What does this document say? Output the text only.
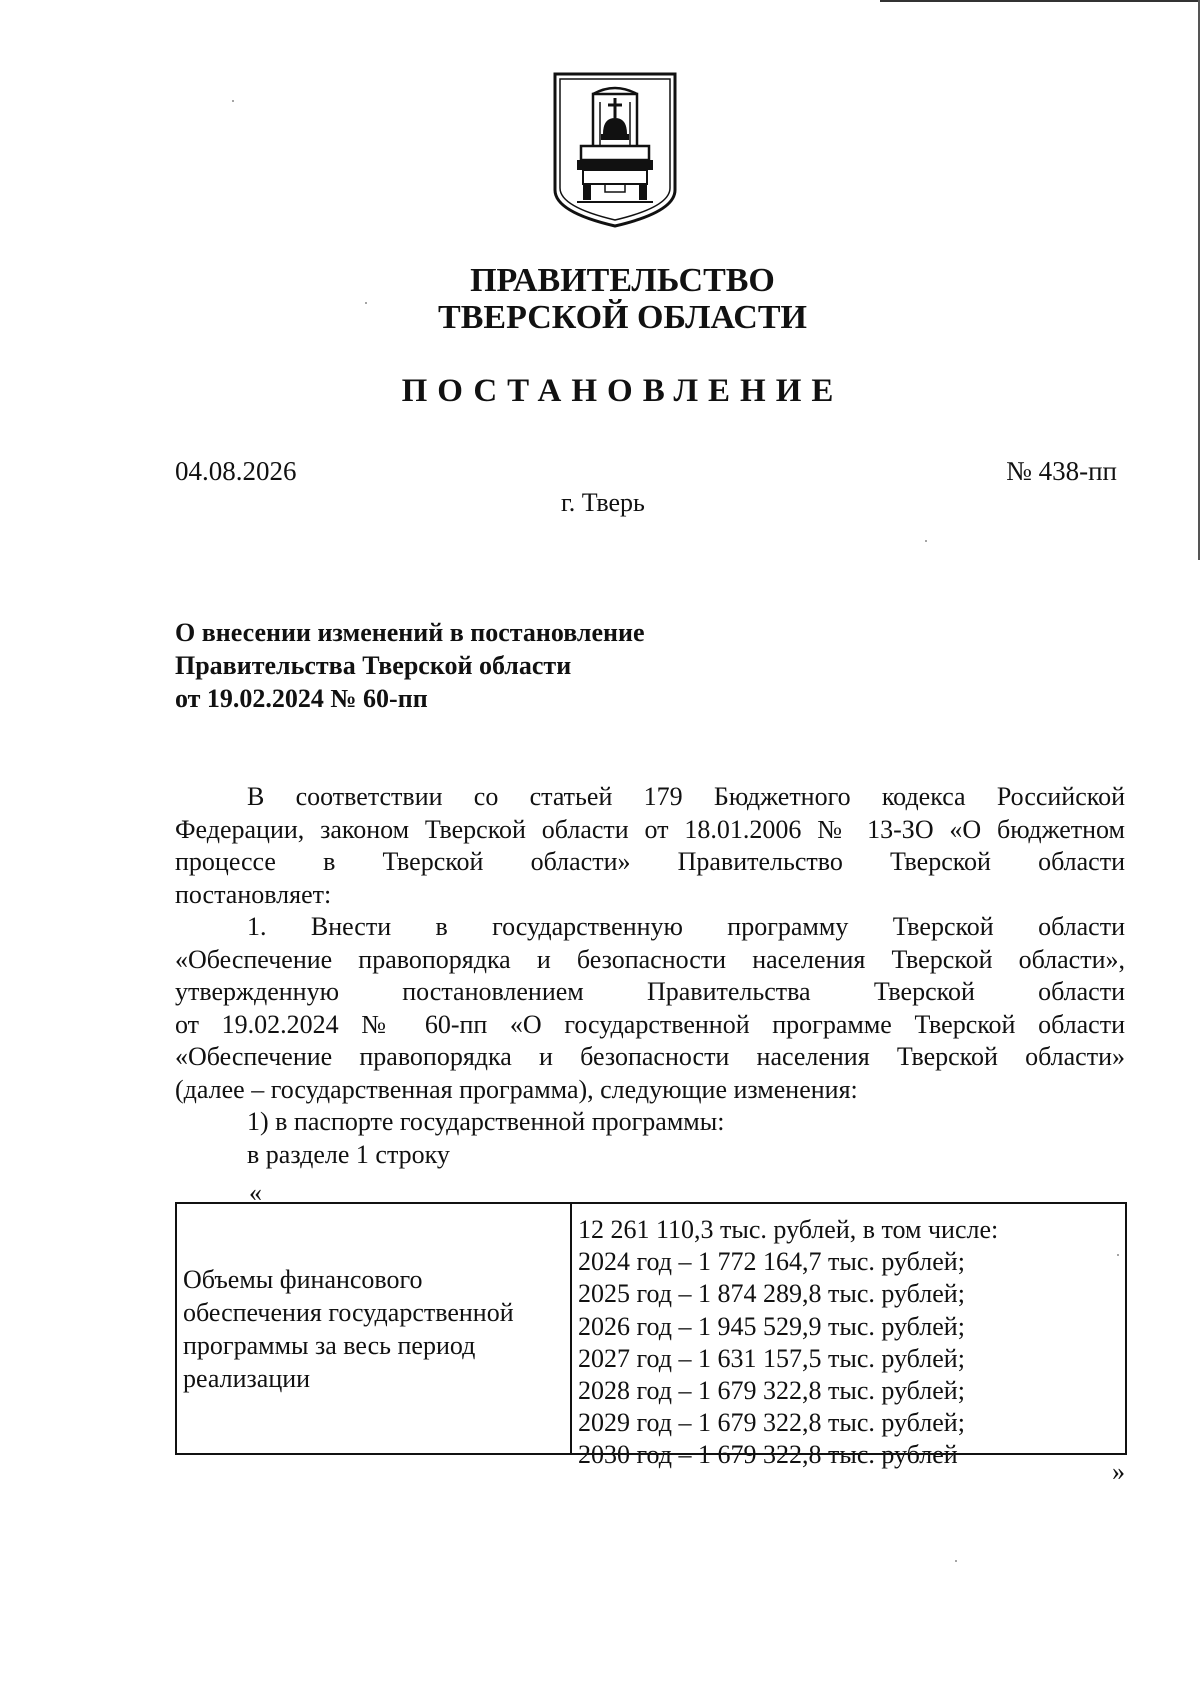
ПРАВИТЕЛЬСТВО
ТВЕРСКОЙ ОБЛАСТИ
ПОСТАНОВЛЕНИЕ
04.08.2026	№ 438-пп
г. Тверь
О внесении изменений в постановление
Правительства Тверской области
от 19.02.2024 № 60-пп
В соответствии со статьей 179 Бюджетного кодекса Российской
Федерации, законом Тверской области от 18.01.2006 № 13-ЗО «О бюджетном
процессе в Тверской области» Правительство Тверской области
постановляет:
1. Внести в государственную программу Тверской области
«Обеспечение правопорядка и безопасности населения Тверской области»,
утвержденную постановлением Правительства Тверской области
от 19.02.2024 № 60-пп «О государственной программе Тверской области
«Обеспечение правопорядка и безопасности населения Тверской области»
(далее – государственная программа), следующие изменения:
1) в паспорте государственной программы:
в разделе 1 строку
«
Объемы финансового
обеспечения государственной
программы за весь период
реализации
12 261 110,3 тыс. рублей, в том числе:
2024 год – 1 772 164,7 тыс. рублей;
2025 год – 1 874 289,8 тыс. рублей;
2026 год – 1 945 529,9 тыс. рублей;
2027 год – 1 631 157,5 тыс. рублей;
2028 год – 1 679 322,8 тыс. рублей;
2029 год – 1 679 322,8 тыс. рублей;
2030 год – 1 679 322,8 тыс. рублей
»
